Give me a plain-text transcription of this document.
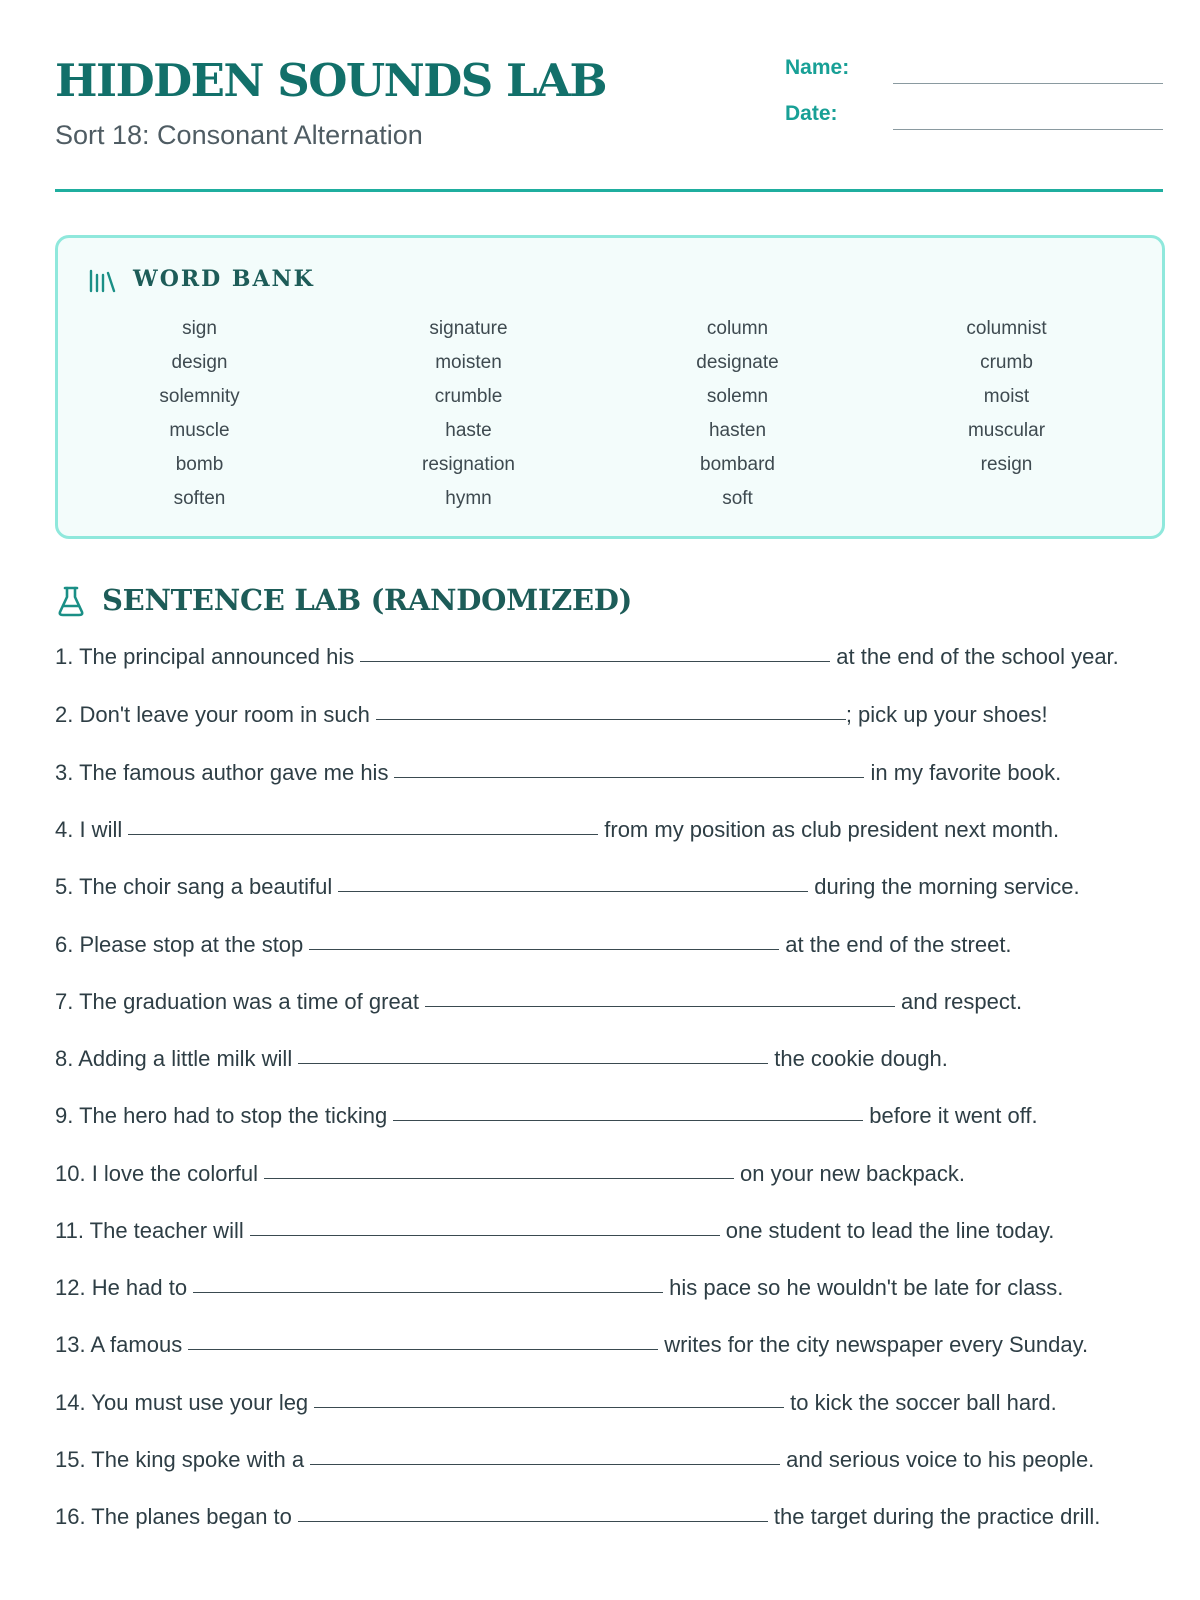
HIDDEN SOUNDS LAB
Sort 18: Consonant Alternation
Name:
Date:
WORD BANK
sign	signature	column	columnist
design	moisten	designate	crumb
solemnity	crumble	solemn	moist
muscle	haste	hasten	muscular
bomb	resignation	bombard	resign
soften	hymn	soft
SENTENCE LAB (RANDOMIZED)

1. The principal announced his	at the end of the school year.

2. Don't leave your room in such	; pick up your shoes!

3. The famous author gave me his	in my favorite book.

4. I will	from my position as club president next month.

5. The choir sang a beautiful	during the morning service.

6. Please stop at the stop	at the end of the street.

7. The graduation was a time of great	and respect.

8. Adding a little milk will	the cookie dough.

9. The hero had to stop the ticking	before it went off.

10. I love the colorful	on your new backpack.

11. The teacher will	one student to lead the line today.

12. He had to	his pace so he wouldn't be late for class.

13. A famous	writes for the city newspaper every Sunday.

14. You must use your leg	to kick the soccer ball hard.

15. The king spoke with a	and serious voice to his people.

16. The planes began to	the target during the practice drill.
